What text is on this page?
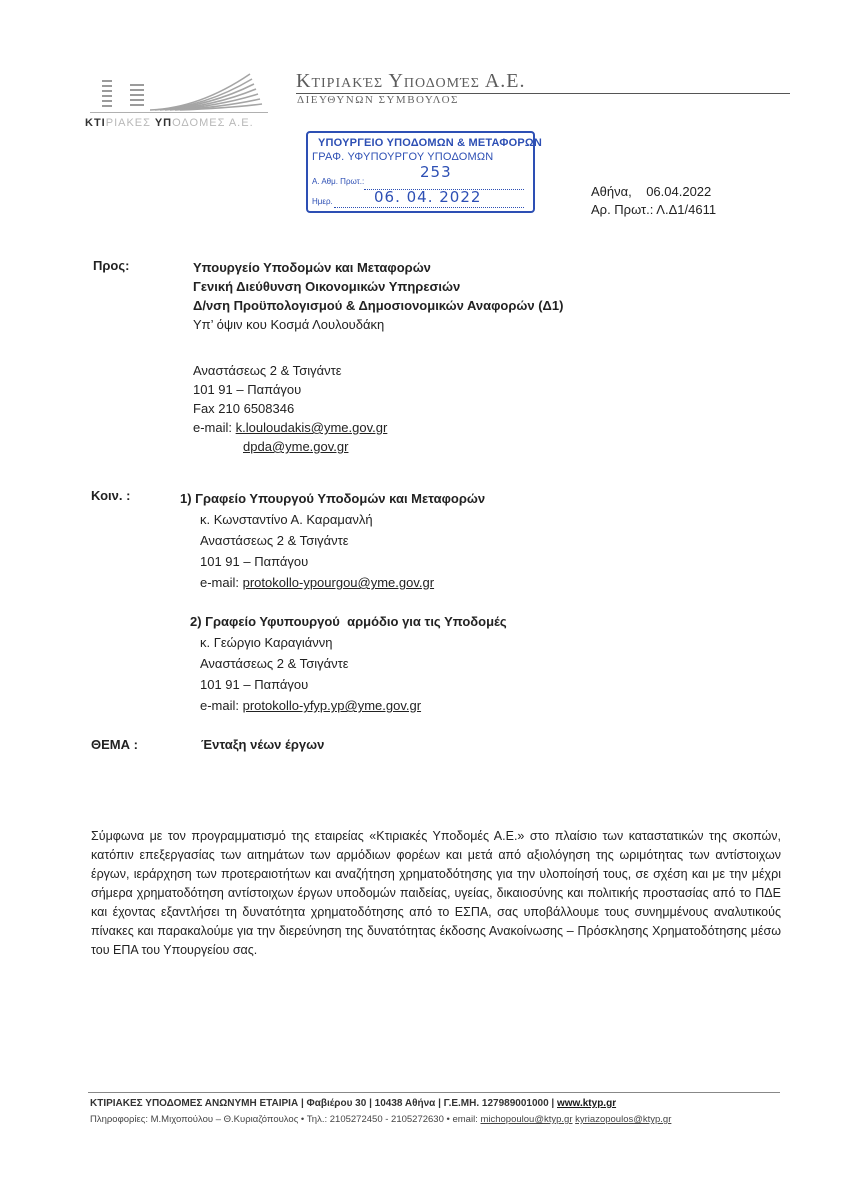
ΚΤΙΡΙΑΚΕΣ ΥΠΟΔΟΜΕΣ Α.Ε.
Κτιριακές Υποδομές Α.Ε.
ΔΙΕΥΘΥΝΩΝ ΣΥΜΒΟΥΛΟΣ
ΥΠΟΥΡΓΕΙΟ ΥΠΟΔΟΜΩΝ & ΜΕΤΑΦΟΡΩΝ
ΓΡΑΦ. ΥΦΥΠΟΥΡΓΟΥ ΥΠΟΔΟΜΩΝ
Α. Αθμ. Πρωτ.:
253
Ημερ.	06. 04. 2022	Αθήνα,    06.04.2022
Αρ. Πρωτ.: Λ.Δ1/4611
Προς:	Υπουργείο Υποδομών και Μεταφορών
Γενική Διεύθυνση Οικονομικών Υπηρεσιών
Δ/νση Προϋπολογισμού & Δημοσιονομικών Αναφορών (Δ1)
Υπ’ όψιν κου Κοσμά Λουλουδάκη
Αναστάσεως 2 & Τσιγάντε
101 91 – Παπάγου
Fax 210 6508346
e-mail: k.louloudakis@yme.gov.gr
dpda@yme.gov.gr
Κοιν. :	1) Γραφείο Υπουργού Υποδομών και Μεταφορών
κ. Κωνσταντίνο Α. Καραμανλή
Αναστάσεως 2 & Τσιγάντε
101 91 – Παπάγου
e-mail: protokollo-ypourgou@yme.gov.gr
2) Γραφείο Υφυπουργού  αρμόδιο για τις Υποδομές
κ. Γεώργιο Καραγιάννη
Αναστάσεως 2 & Τσιγάντε
101 91 – Παπάγου
e-mail: protokollo-yfyp.yp@yme.gov.gr
ΘΕΜΑ :	Ένταξη νέων έργων

Σύμφωνα με τον προγραμματισμό της εταιρείας «Κτιριακές Υποδομές Α.Ε.» στο πλαίσιο των καταστατικών της σκοπών, κατόπιν επεξεργασίας των αιτημάτων των αρμόδιων φορέων και μετά από αξιολόγηση της ωριμότητας των αντίστοιχων έργων, ιεράρχηση των προτεραιοτήτων και αναζήτηση χρηματοδότησης για την υλοποίησή τους, σε σχέση και με την μέχρι σήμερα χρηματοδότηση αντίστοιχων έργων υποδομών παιδείας, υγείας, δικαιοσύνης και πολιτικής προστασίας από το ΠΔΕ και έχοντας εξαντλήσει τη δυνατότητα χρηματοδότησης από το ΕΣΠΑ, σας υποβάλλουμε τους συνημμένους αναλυτικούς πίνακες και παρακαλούμε για την διερεύνηση της δυνατότητας έκδοσης Ανακοίνωσης – Πρόσκλησης Χρηματοδότησης μέσω του ΕΠΑ του Υπουργείου σας.

ΚΤΙΡΙΑΚΕΣ ΥΠΟΔΟΜΕΣ ΑΝΩΝΥΜΗ ΕΤΑΙΡΙΑ | Φαβιέρου 30 | 10438 Αθήνα | Γ.Ε.ΜΗ. 127989001000 | www.ktyp.gr
Πληροφορίες: Μ.Μιχοπούλου – Θ.Κυριαζόπουλος • Τηλ.: 2105272450 - 2105272630 • email: michopoulou@ktyp.gr kyriazopoulos@ktyp.gr
